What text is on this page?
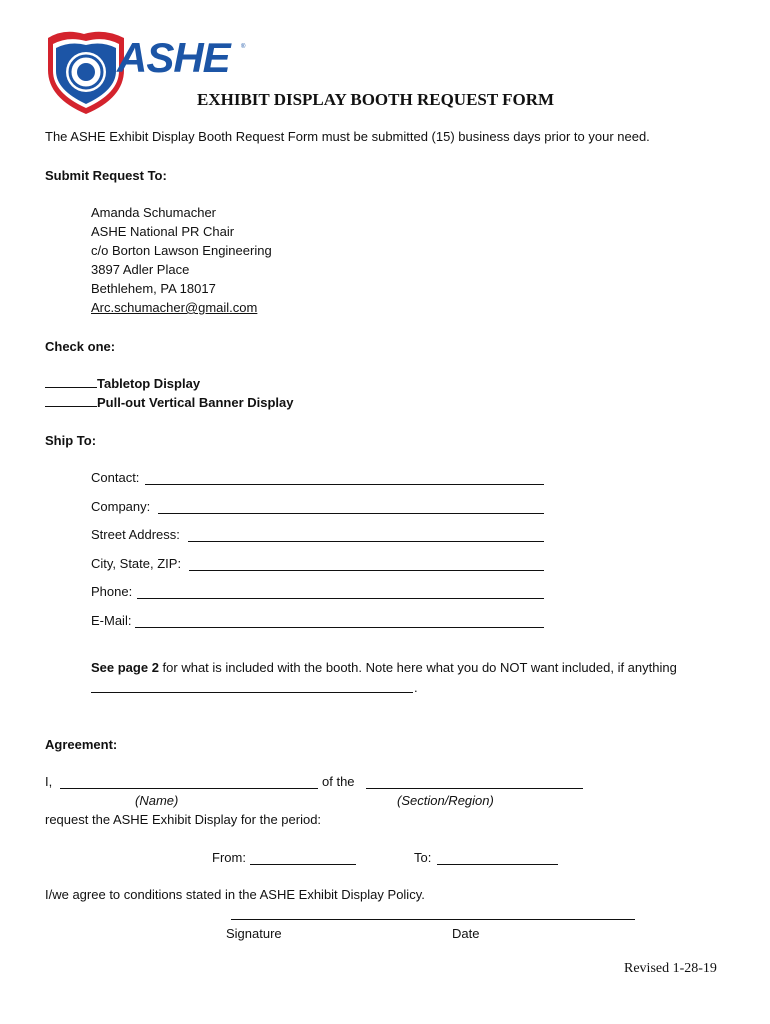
ASHE ®
EXHIBIT DISPLAY BOOTH REQUEST FORM
The ASHE Exhibit Display Booth Request Form must be submitted (15) business days prior to your need.
Submit Request To:
Amanda Schumacher
ASHE National PR Chair
c/o Borton Lawson Engineering
3897 Adler Place
Bethlehem, PA 18017
Arc.schumacher@gmail.com
Check one:
Tabletop Display
Pull-out Vertical Banner Display
Ship To:
Contact:
Company:
Street Address:
City, State, ZIP:
Phone:
E-Mail:
See page 2 for what is included with the booth. Note here what you do NOT want included, if anything
.
Agreement:
I,	of the
(Name)	(Section/Region)
request the ASHE Exhibit Display for the period:
From:	To:
I/we agree to conditions stated in the ASHE Exhibit Display Policy.
Signature	Date
Revised 1-28-19
